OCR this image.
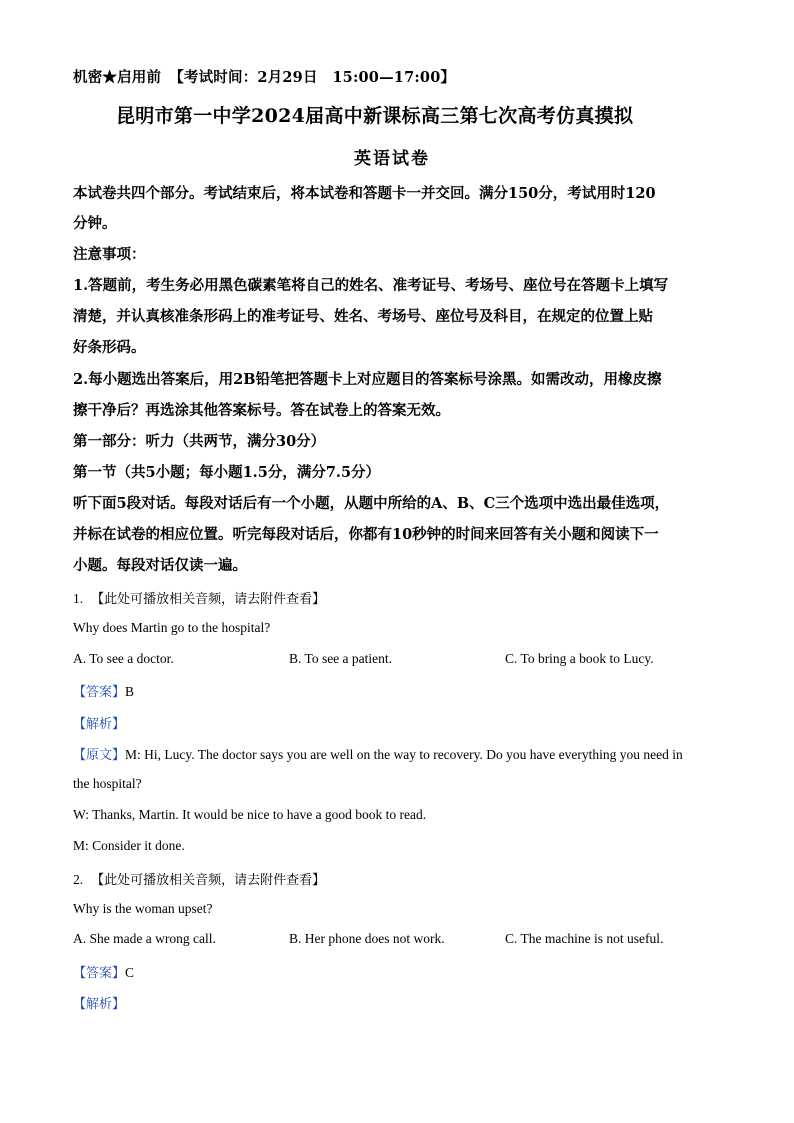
机密★启用前 【考试时间：2月29日　15:00—17:00】
昆明市第一中学2024届高中新课标高三第七次高考仿真摸拟
英语试卷
本试卷共四个部分。考试结束后，将本试卷和答题卡一并交回。满分150分，考试用时120
分钟。
注意事项：
1.答题前，考生务必用黑色碳素笔将自己的姓名、准考证号、考场号、座位号在答题卡上填写
清楚，并认真核准条形码上的准考证号、姓名、考场号、座位号及科目，在规定的位置上贴
好条形码。
2.每小题选出答案后，用2B铅笔把答题卡上对应题目的答案标号涂黑。如需改动，用橡皮擦
擦干净后？再选涂其他答案标号。答在试卷上的答案无效。
第一部分：听力（共两节，满分30分）
第一节（共5小题；每小题1.5分，满分7.5分）
听下面5段对话。每段对话后有一个小题，从题中所给的A、B、C三个选项中选出最佳选项，
并标在试卷的相应位置。听完每段对话后，你都有10秒钟的时间来回答有关小题和阅读下一
小题。每段对话仅读一遍。
1. 【此处可播放相关音频，请去附件查看】
Why does Martin go to the hospital?
A. To see a doctor.	B. To see a patient.	C. To bring a book to Lucy.
【答案】B
【解析】
【原文】M: Hi, Lucy. The doctor says you are well on the way to recovery. Do you have everything you need in
the hospital?
W: Thanks, Martin. It would be nice to have a good book to read.
M: Consider it done.
2. 【此处可播放相关音频，请去附件查看】
Why is the woman upset?
A. She made a wrong call.	B. Her phone does not work.	C. The machine is not useful.
【答案】C
【解析】
